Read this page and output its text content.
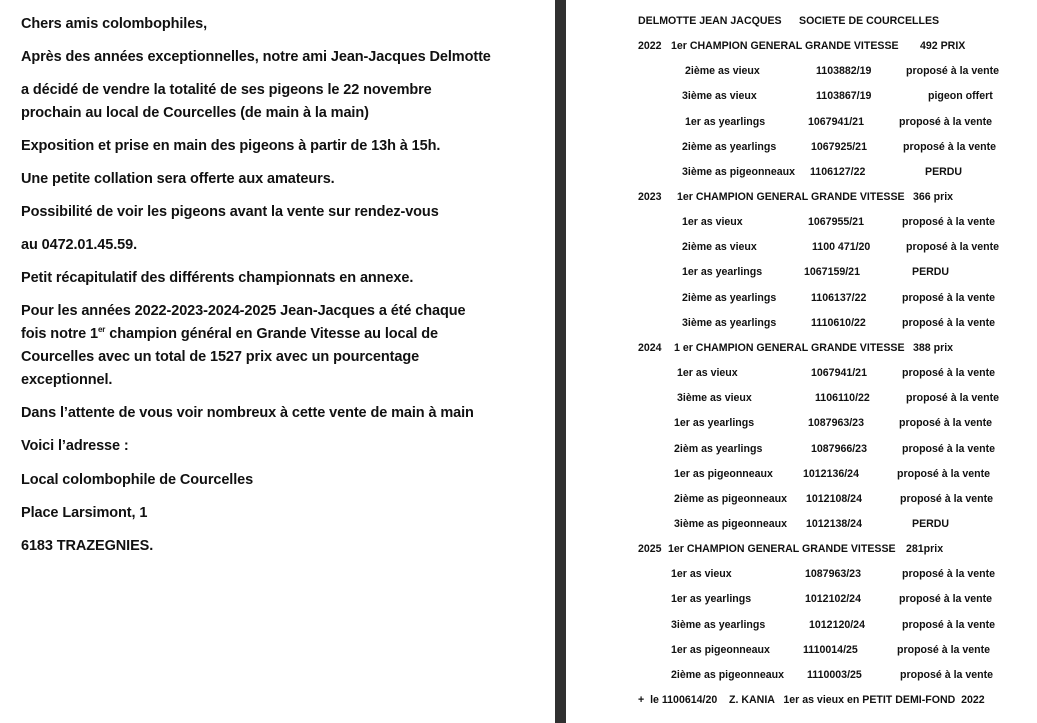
Chers amis colombophiles,

Après des années exceptionnelles, notre ami Jean-Jacques Delmotte

a décidé de vendre la totalité de ses pigeons le 22 novembre

prochain au local de Courcelles (de main à la main)

Exposition et prise en main des pigeons à partir de 13h à 15h.

Une petite collation sera offerte aux amateurs.

Possibilité de voir les pigeons avant la vente sur rendez-vous

au 0472.01.45.59.

Petit récapitulatif des différents championnats en annexe.

Pour les années 2022-2023-2024-2025 Jean-Jacques a été chaque

fois notre 1er champion général en Grande Vitesse au local de

Courcelles avec un total de 1527 prix avec un pourcentage

exceptionnel.

Dans l’attente de vous voir nombreux à cette vente de main à main

Voici l’adresse :

Local colombophile de Courcelles

Place Larsimont, 1

6183 TRAZEGNIES.

DELMOTTE JEAN JACQUES SOCIETE DE COURCELLES
2022 1er CHAMPION GENERAL GRANDE VITESSE 492 PRIX
2ième as vieux	1103882/19	proposé à la vente
3ième as vieux	1103867/19	pigeon offert
1er as yearlings	1067941/21	proposé à la vente
2ième as yearlings	1067925/21	proposé à la vente
3ième as pigeonneaux 1106127/22	PERDU
2023 1er CHAMPION GENERAL GRANDE VITESSE 366 prix
1er as vieux	1067955/21	proposé à la vente
2ième as vieux	1100 471/20	proposé à la vente
1er as yearlings	1067159/21	PERDU
2ième as yearlings	1106137/22	proposé à la vente
3ième as yearlings	1110610/22	proposé à la vente
2024 1 er CHAMPION GENERAL GRANDE VITESSE 388 prix
1er as vieux	1067941/21	proposé à la vente
3ième as vieux	1106110/22	proposé à la vente
1er as yearlings	1087963/23	proposé à la vente
2ièm as yearlings	1087966/23	proposé à la vente
1er as pigeonneaux	1012136/24	proposé à la vente
2ième as pigeonneaux 1012108/24	proposé à la vente
3ième as pigeonneaux 1012138/24	PERDU
2025 1er CHAMPION GENERAL GRANDE VITESSE 281prix
1er as vieux	1087963/23	proposé à la vente
1er as yearlings	1012102/24	proposé à la vente
3ième as yearlings	1012120/24	proposé à la vente
1er as pigeonneaux	1110014/25	proposé à la vente
2ième as pigeonneaux 1110003/25	proposé à la vente
+  le 1100614/20    Z. KANIA   1er as vieux en PETIT DEMI-FOND  2022
